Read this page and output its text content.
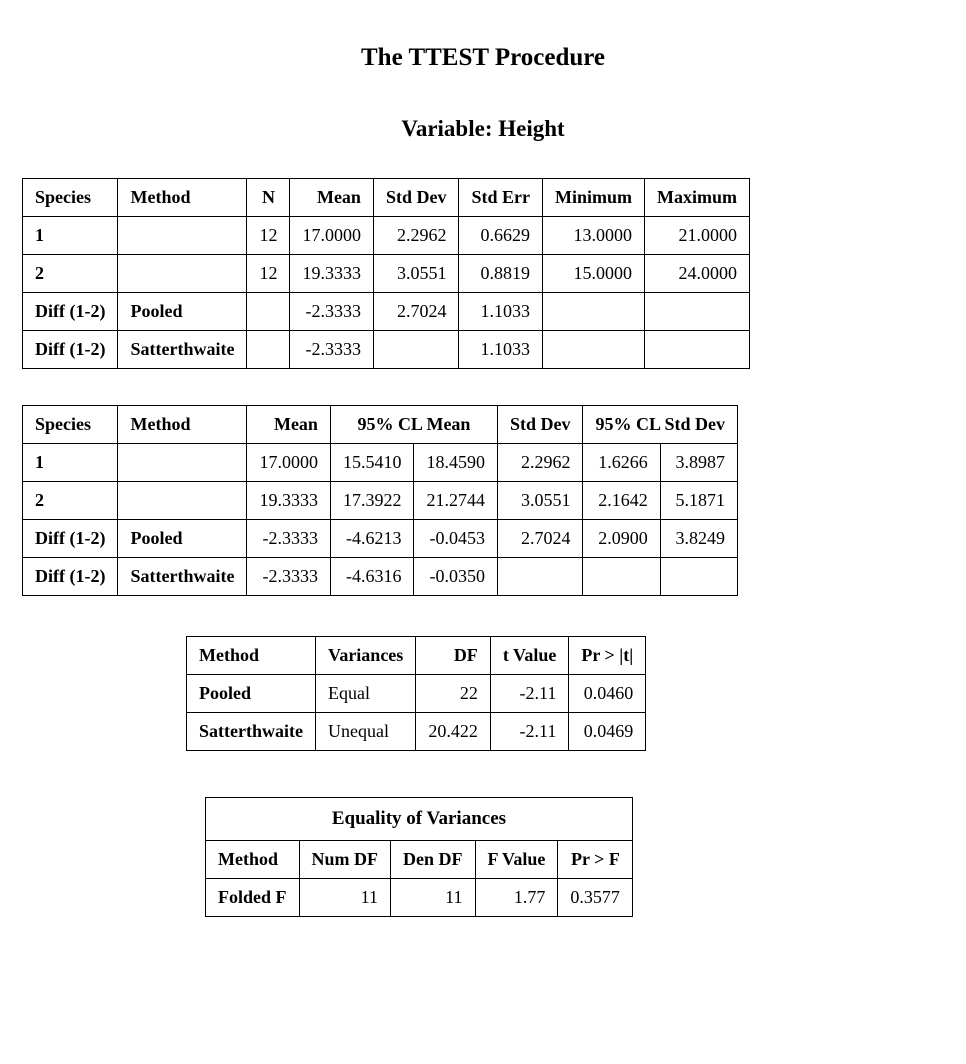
The TTEST Procedure
Variable: Height
Species	Method	N	Mean	Std Dev	Std Err	Minimum	Maximum
1		12	17.0000	2.2962	0.6629	13.0000	21.0000
2		12	19.3333	3.0551	0.8819	15.0000	24.0000
Diff (1-2)	Pooled		-2.3333	2.7024	1.1033		
Diff (1-2)	Satterthwaite		-2.3333		1.1033		
Species	Method	Mean	95% CL Mean		Std Dev	95% CL Std Dev	
1		17.0000	15.5410	18.4590	2.2962	1.6266	3.8987
2		19.3333	17.3922	21.2744	3.0551	2.1642	5.1871
Diff (1-2)	Pooled	-2.3333	-4.6213	-0.0453	2.7024	2.0900	3.8249
Diff (1-2)	Satterthwaite	-2.3333	-4.6316	-0.0350			
Method	Variances	DF	t Value	Pr > |t|
Pooled	Equal	22	-2.11	0.0460
Satterthwaite	Unequal	20.422	-2.11	0.0469
Equality of Variances				
Method	Num DF	Den DF	F Value	Pr > F
Folded F	11	11	1.77	0.3577
